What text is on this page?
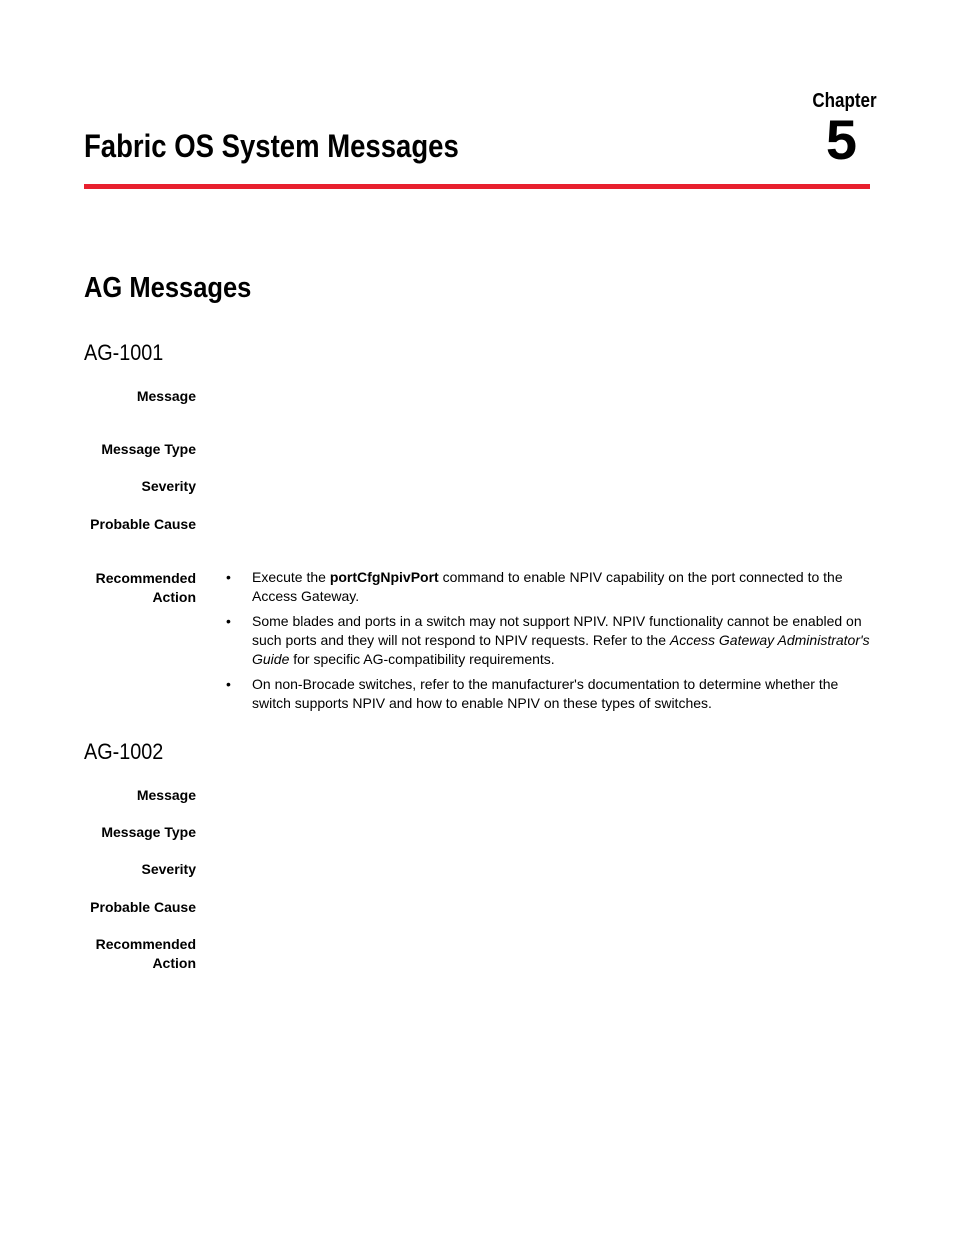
Chapter
5
Fabric OS System Messages
AG Messages
AG-1001
Message
Message Type
Severity
Probable Cause
Recommended
Action
• Execute the portCfgNpivPort command to enable NPIV capability on the port connected to the Access Gateway.
• Some blades and ports in a switch may not support NPIV. NPIV functionality cannot be enabled on such ports and they will not respond to NPIV requests. Refer to the Access Gateway Administrator's Guide for specific AG-compatibility requirements.
• On non-Brocade switches, refer to the manufacturer's documentation to determine whether the switch supports NPIV and how to enable NPIV on these types of switches.
AG-1002
Message
Message Type
Severity
Probable Cause
Recommended
Action
